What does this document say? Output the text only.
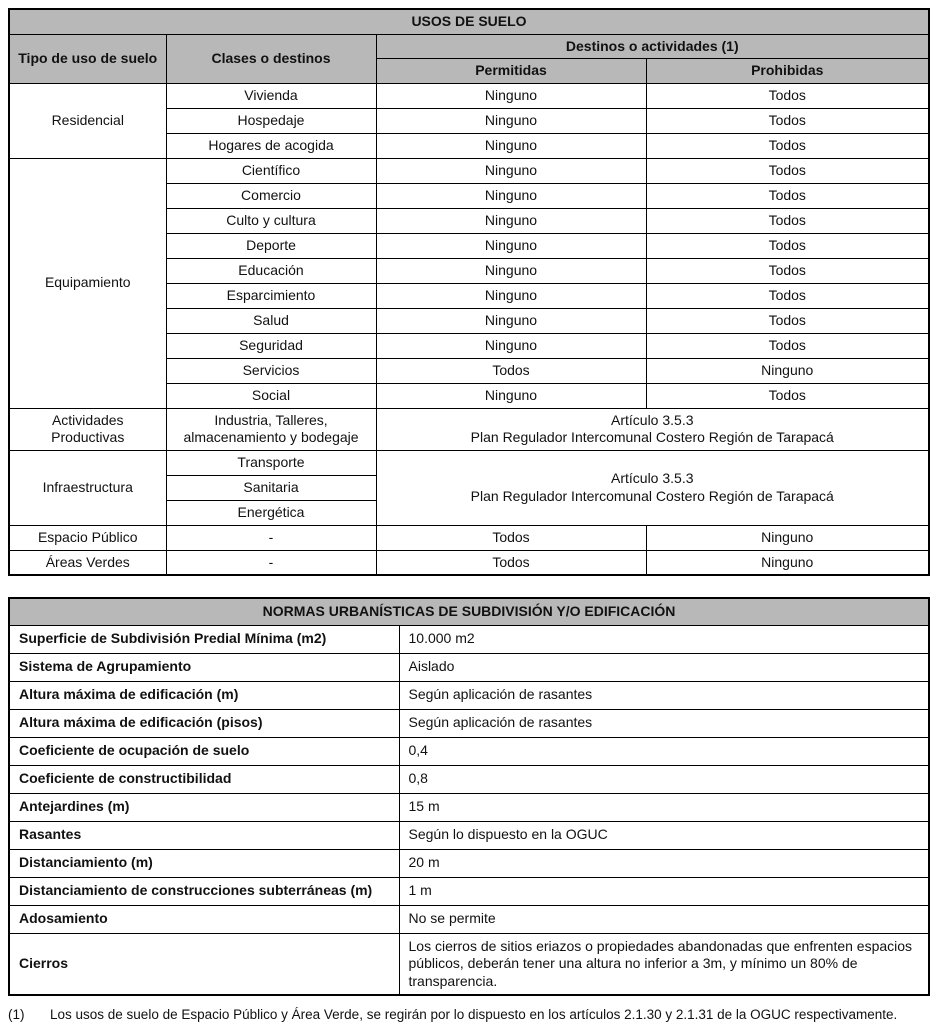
USOS DE SUELO			
Tipo de uso de suelo	Clases o destinos	Destinos o actividades (1)	
		Permitidas	Prohibidas
Residencial	Vivienda	Ninguno	Todos
	Hospedaje	Ninguno	Todos
	Hogares de acogida	Ninguno	Todos
Equipamiento	Científico	Ninguno	Todos
	Comercio	Ninguno	Todos
	Culto y cultura	Ninguno	Todos
	Deporte	Ninguno	Todos
	Educación	Ninguno	Todos
	Esparcimiento	Ninguno	Todos
	Salud	Ninguno	Todos
	Seguridad	Ninguno	Todos
	Servicios	Todos	Ninguno
	Social	Ninguno	Todos
Actividades Productivas	Industria, Talleres, almacenamiento y bodegaje	Artículo 3.5.3
Plan Regulador Intercomunal Costero Región de Tarapacá	

Infraestructura	Transporte	Artículo 3.5.3
Plan Regulador Intercomunal Costero Región de Tarapacá	

	Sanitaria		
	Energética		
Espacio Público	-	Todos	Ninguno
Áreas Verdes	-	Todos	Ninguno
NORMAS URBANÍSTICAS DE SUBDIVISIÓN Y/O EDIFICACIÓN	
Superficie de Subdivisión Predial Mínima (m2)	10.000 m2
Sistema de Agrupamiento	Aislado
Altura máxima de edificación (m)	Según aplicación de rasantes
Altura máxima de edificación (pisos)	Según aplicación de rasantes
Coeficiente de ocupación de suelo	0,4
Coeficiente de constructibilidad	0,8
Antejardines (m)	15 m
Rasantes	Según lo dispuesto en la OGUC
Distanciamiento (m)	20 m
Distanciamiento de construcciones subterráneas (m)	1 m
Adosamiento	No se permite
Cierros	Los cierros de sitios eriazos o propiedades abandonadas que enfrenten espacios públicos, deberán tener una altura no inferior a 3m, y mínimo un 80% de transparencia.
(1)	Los usos de suelo de Espacio Público y Área Verde, se regirán por lo dispuesto en los artículos 2.1.30 y 2.1.31 de la OGUC respectivamente.
